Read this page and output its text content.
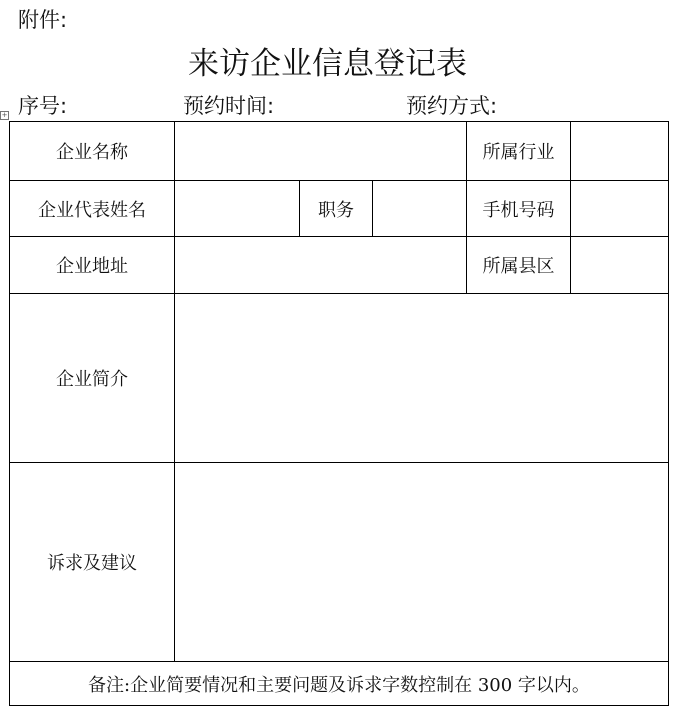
附件:
来访企业信息登记表
序号:	预约时间:	预约方式:
+
企业名称				所属行业	
企业代表姓名		职务		手机号码	
企业地址				所属县区	
企业简介					
诉求及建议					
备注:企业简要情况和主要问题及诉求字数控制在 300 字以内。					
